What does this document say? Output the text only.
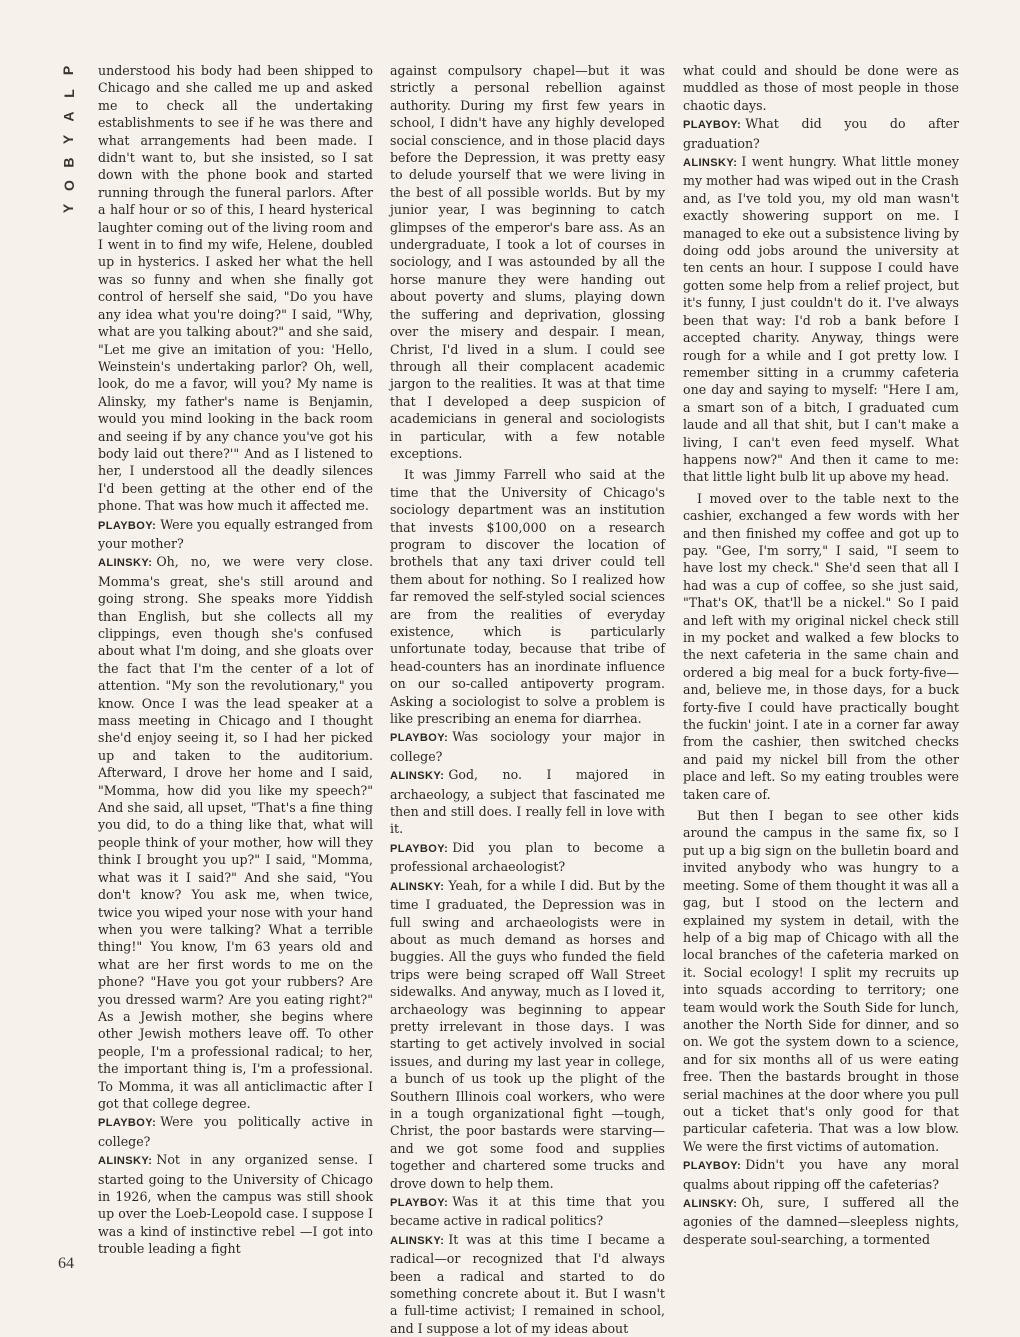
P
L
A
Y
B
O
Y

understood his body had been shipped to Chicago and she called me up and asked me to check all the undertaking establishments to see if he was there and what arrangements had been made. I didn't want to, but she insisted, so I sat down with the phone book and started running through the funeral parlors. After a half hour or so of this, I heard hysterical laughter coming out of the living room and I went in to find my wife, Helene, doubled up in hysterics. I asked her what the hell was so funny and when she finally got control of herself she said, "Do you have any idea what you're doing?" I said, "Why, what are you talking about?" and she said, "Let me give an imitation of you: 'Hello, Weinstein's undertaking parlor? Oh, well, look, do me a favor, will you? My name is Alinsky, my father's name is Benjamin, would you mind looking in the back room and seeing if by any chance you've got his body laid out there?'" And as I listened to her, I understood all the deadly silences I'd been getting at the other end of the phone. That was how much it affected me.

PLAYBOY: Were you equally estranged from your mother?

ALINSKY: Oh, no, we were very close. Momma's great, she's still around and going strong. She speaks more Yiddish than English, but she collects all my clippings, even though she's confused about what I'm doing, and she gloats over the fact that I'm the center of a lot of attention. "My son the revolutionary," you know. Once I was the lead speaker at a mass meeting in Chicago and I thought she'd enjoy seeing it, so I had her picked up and taken to the auditorium. Afterward, I drove her home and I said, "Momma, how did you like my speech?" And she said, all upset, "That's a fine thing you did, to do a thing like that, what will people think of your mother, how will they think I brought you up?" I said, "Momma, what was it I said?" And she said, "You don't know? You ask me, when twice, twice you wiped your nose with your hand when you were talking? What a terrible thing!" You know, I'm 63 years old and what are her first words to me on the phone? "Have you got your rubbers? Are you dressed warm? Are you eating right?" As a Jewish mother, she begins where other Jewish mothers leave off. To other people, I'm a professional radical; to her, the important thing is, I'm a professional. To Momma, it was all anticlimactic after I got that college degree.

PLAYBOY: Were you politically active in college?

ALINSKY: Not in any organized sense. I started going to the University of Chicago in 1926, when the campus was still shook up over the Loeb-Leopold case. I suppose I was a kind of instinctive rebel —I got into trouble leading a fight

against compulsory chapel—but it was strictly a personal rebellion against authority. During my first few years in school, I didn't have any highly developed social conscience, and in those placid days before the Depression, it was pretty easy to delude yourself that we were living in the best of all possible worlds. But by my junior year, I was beginning to catch glimpses of the emperor's bare ass. As an undergraduate, I took a lot of courses in sociology, and I was astounded by all the horse manure they were handing out about poverty and slums, playing down the suffering and deprivation, glossing over the misery and despair. I mean, Christ, I'd lived in a slum. I could see through all their complacent academic jargon to the realities. It was at that time that I developed a deep suspicion of academicians in general and sociologists in particular, with a few notable exceptions.

It was Jimmy Farrell who said at the time that the University of Chicago's sociology department was an institution that invests $100,000 on a research program to discover the location of brothels that any taxi driver could tell them about for nothing. So I realized how far removed the self-styled social sciences are from the realities of everyday existence, which is particularly unfortunate today, because that tribe of head-counters has an inordinate influence on our so-called antipoverty program. Asking a sociologist to solve a problem is like prescribing an enema for diarrhea.

PLAYBOY: Was sociology your major in college?

ALINSKY: God, no. I majored in archaeology, a subject that fascinated me then and still does. I really fell in love with it.

PLAYBOY: Did you plan to become a professional archaeologist?

ALINSKY: Yeah, for a while I did. But by the time I graduated, the Depression was in full swing and archaeologists were in about as much demand as horses and buggies. All the guys who funded the field trips were being scraped off Wall Street sidewalks. And anyway, much as I loved it, archaeology was beginning to appear pretty irrelevant in those days. I was starting to get actively involved in social issues, and during my last year in college, a bunch of us took up the plight of the Southern Illinois coal workers, who were in a tough organizational fight —tough, Christ, the poor bastards were starving—and we got some food and supplies together and chartered some trucks and drove down to help them.

PLAYBOY: Was it at this time that you became active in radical politics?

ALINSKY: It was at this time I became a radical—or recognized that I'd always been a radical and started to do something concrete about it. But I wasn't a full-time activist; I remained in school, and I suppose a lot of my ideas about

what could and should be done were as muddled as those of most people in those chaotic days.

PLAYBOY: What did you do after graduation?

ALINSKY: I went hungry. What little money my mother had was wiped out in the Crash and, as I've told you, my old man wasn't exactly showering support on me. I managed to eke out a subsistence living by doing odd jobs around the university at ten cents an hour. I suppose I could have gotten some help from a relief project, but it's funny, I just couldn't do it. I've always been that way: I'd rob a bank before I accepted charity. Anyway, things were rough for a while and I got pretty low. I remember sitting in a crummy cafeteria one day and saying to myself: "Here I am, a smart son of a bitch, I graduated cum laude and all that shit, but I can't make a living, I can't even feed myself. What happens now?" And then it came to me: that little light bulb lit up above my head.

I moved over to the table next to the cashier, exchanged a few words with her and then finished my coffee and got up to pay. "Gee, I'm sorry," I said, "I seem to have lost my check." She'd seen that all I had was a cup of coffee, so she just said, "That's OK, that'll be a nickel." So I paid and left with my original nickel check still in my pocket and walked a few blocks to the next cafeteria in the same chain and ordered a big meal for a buck forty-five—and, believe me, in those days, for a buck forty-five I could have practically bought the fuckin' joint. I ate in a corner far away from the cashier, then switched checks and paid my nickel bill from the other place and left. So my eating troubles were taken care of.

But then I began to see other kids around the campus in the same fix, so I put up a big sign on the bulletin board and invited anybody who was hungry to a meeting. Some of them thought it was all a gag, but I stood on the lectern and explained my system in detail, with the help of a big map of Chicago with all the local branches of the cafeteria marked on it. Social ecology! I split my recruits up into squads according to territory; one team would work the South Side for lunch, another the North Side for dinner, and so on. We got the system down to a science, and for six months all of us were eating free. Then the bastards brought in those serial machines at the door where you pull out a ticket that's only good for that particular cafeteria. That was a low blow. We were the first victims of automation.

PLAYBOY: Didn't you have any moral qualms about ripping off the cafeterias?

ALINSKY: Oh, sure, I suffered all the agonies of the damned—sleepless nights, desperate soul-searching, a tormented

64
